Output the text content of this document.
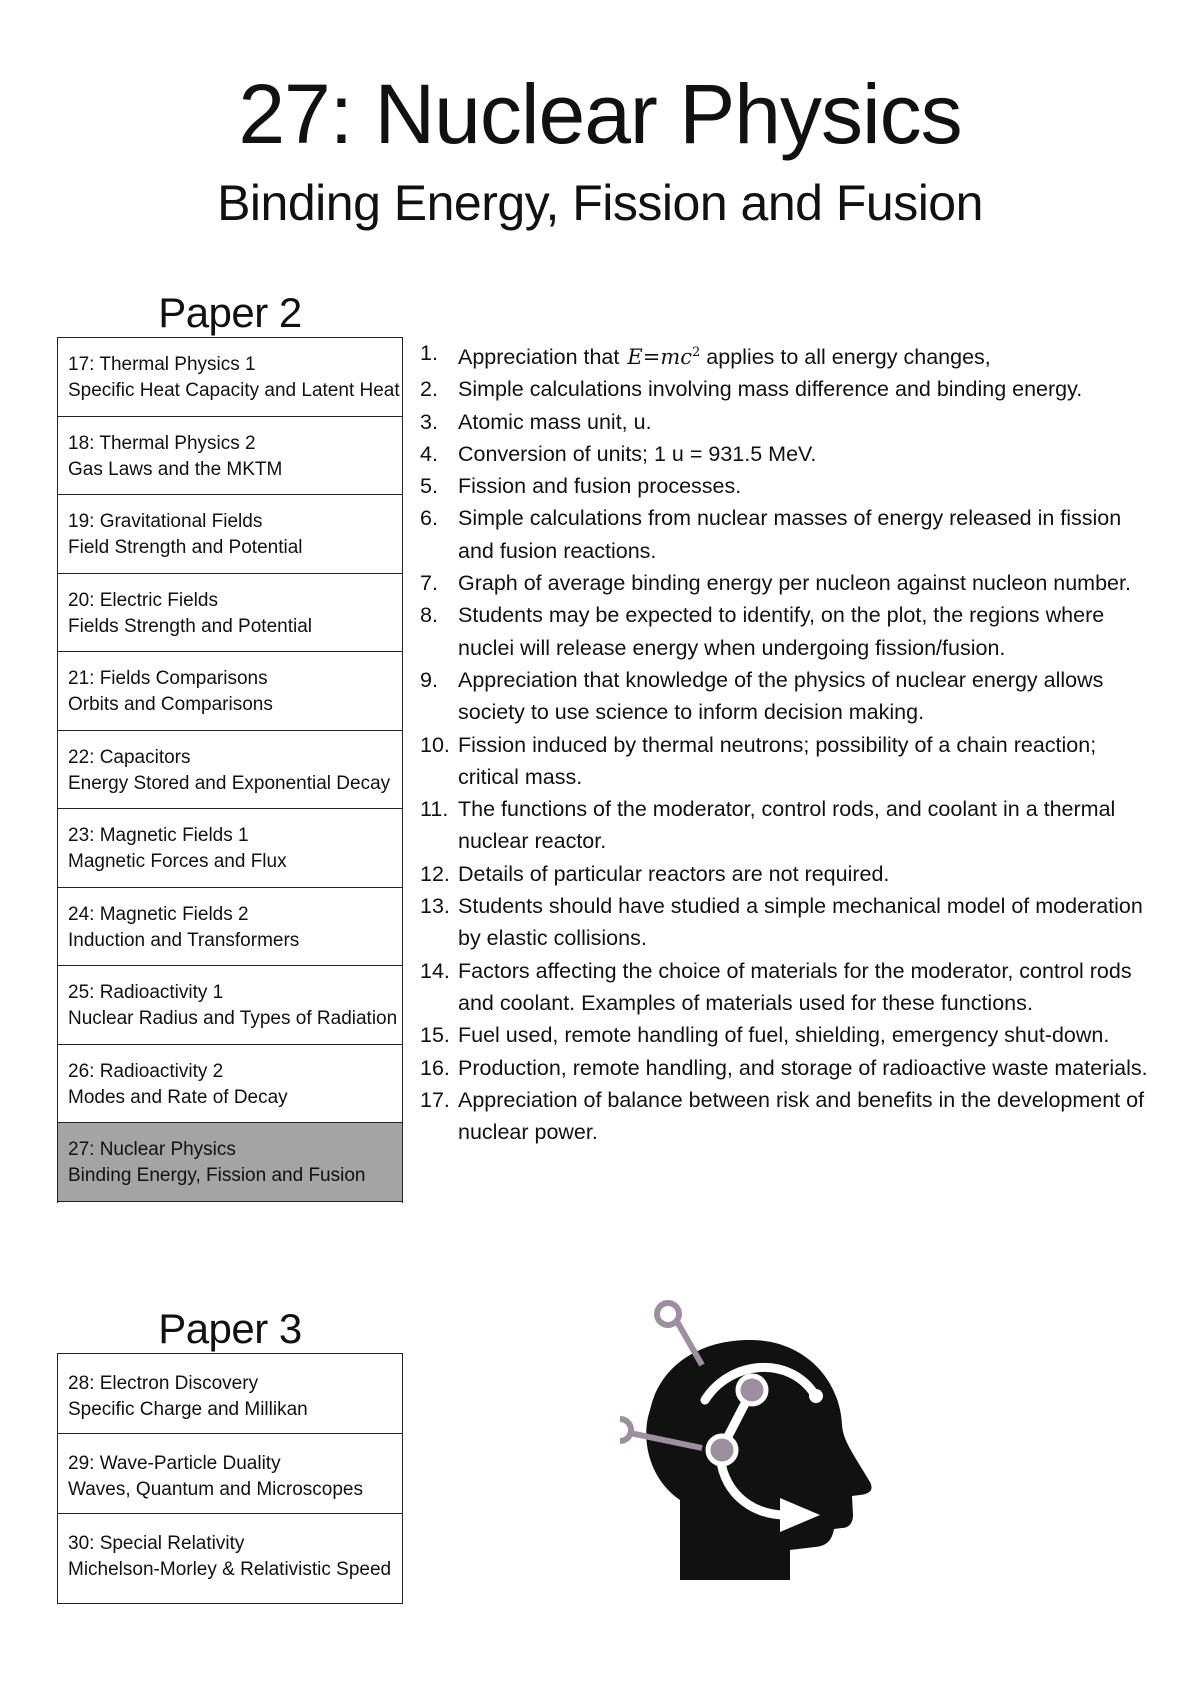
27: Nuclear Physics
Binding Energy, Fission and Fusion
Paper 2
17: Thermal Physics 1
Specific Heat Capacity and Latent Heat
18: Thermal Physics 2
Gas Laws and the MKTM
19: Gravitational Fields
Field Strength and Potential
20: Electric Fields
Fields Strength and Potential
21: Fields Comparisons
Orbits and Comparisons
22: Capacitors
Energy Stored and Exponential Decay
23: Magnetic Fields 1
Magnetic Forces and Flux
24: Magnetic Fields 2
Induction and Transformers
25: Radioactivity 1
Nuclear Radius and Types of Radiation
26: Radioactivity 2
Modes and Rate of Decay
27: Nuclear Physics
Binding Energy, Fission and Fusion
Paper 3
28: Electron Discovery
Specific Charge and Millikan
29: Wave-Particle Duality
Waves, Quantum and Microscopes
30: Special Relativity
Michelson-Morley & Relativistic Speed
1. Appreciation that $E=mc^2$ applies to all energy changes,
2. Simple calculations involving mass difference and binding energy.
3. Atomic mass unit, u.
4. Conversion of units; 1 u = 931.5 MeV.
5. Fission and fusion processes.
6. Simple calculations from nuclear masses of energy released in fission and fusion reactions.
7. Graph of average binding energy per nucleon against nucleon number.
8. Students may be expected to identify, on the plot, the regions where nuclei will release energy when undergoing fission/fusion.
9. Appreciation that knowledge of the physics of nuclear energy allows society to use science to inform decision making.
10. Fission induced by thermal neutrons; possibility of a chain reaction; critical mass.
11. The functions of the moderator, control rods, and coolant in a thermal nuclear reactor.
12. Details of particular reactors are not required.
13. Students should have studied a simple mechanical model of moderation by elastic collisions.
14. Factors affecting the choice of materials for the moderator, control rods and coolant. Examples of materials used for these functions.
15. Fuel used, remote handling of fuel, shielding, emergency shut-down.
16. Production, remote handling, and storage of radioactive waste materials.
17. Appreciation of balance between risk and benefits in the development of nuclear power.
